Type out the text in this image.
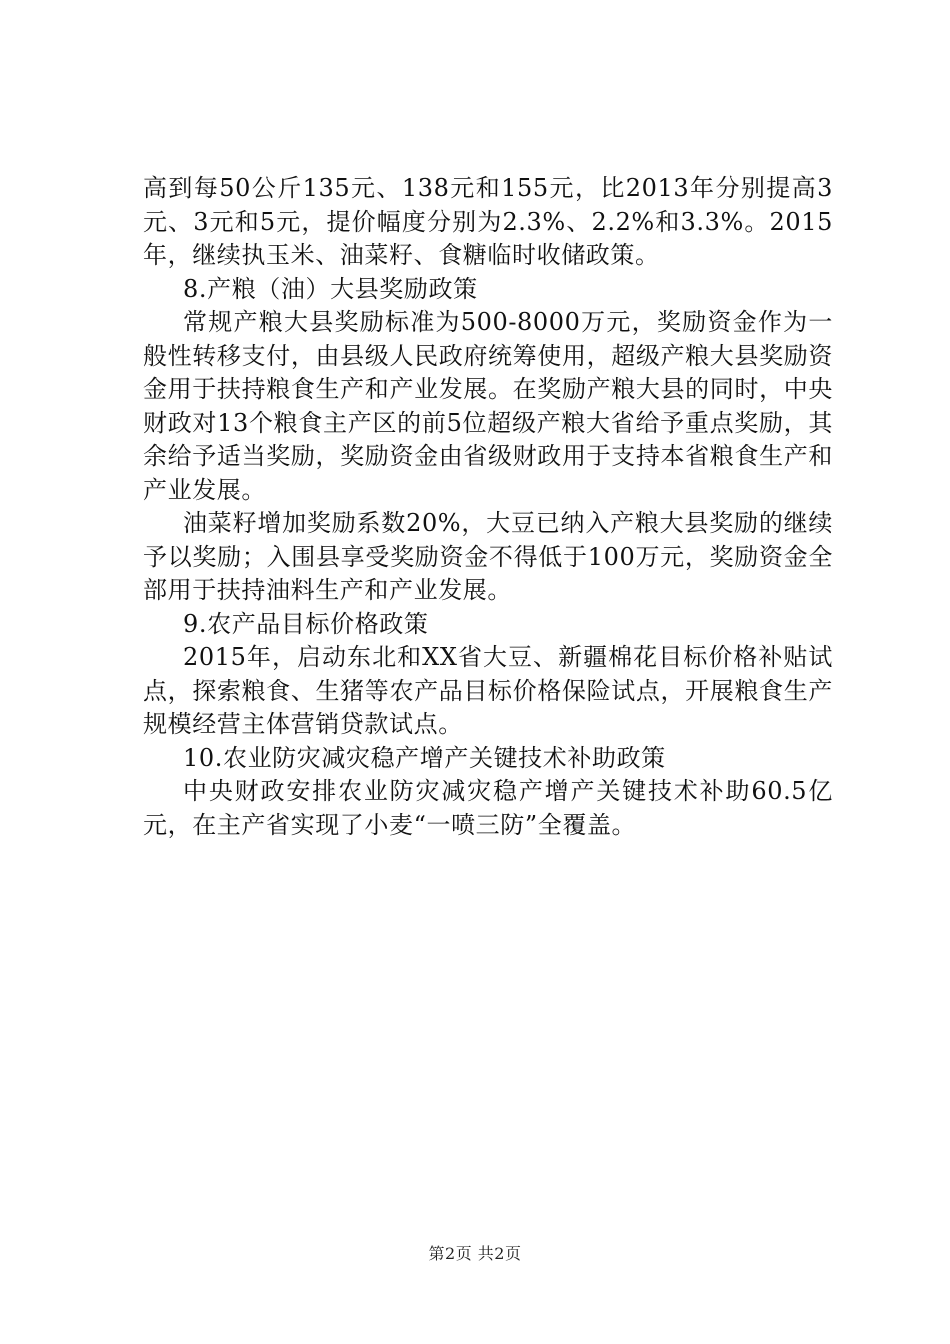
高到每50公斤135元、138元和155元，比2013年分别提高3元、3元和5元，提价幅度分别为2.3%、2.2%和3.3%。2015年，继续执玉米、油菜籽、食糖临时收储政策。

8.产粮（油）大县奖励政策

常规产粮大县奖励标准为500-8000万元，奖励资金作为一般性转移支付，由县级人民政府统筹使用，超级产粮大县奖励资金用于扶持粮食生产和产业发展。在奖励产粮大县的同时，中央财政对13个粮食主产区的前5位超级产粮大省给予重点奖励，其余给予适当奖励，奖励资金由省级财政用于支持本省粮食生产和产业发展。

油菜籽增加奖励系数20%，大豆已纳入产粮大县奖励的继续予以奖励；入围县享受奖励资金不得低于100万元，奖励资金全部用于扶持油料生产和产业发展。

9.农产品目标价格政策

2015年，启动东北和XX省大豆、新疆棉花目标价格补贴试点，探索粮食、生猪等农产品目标价格保险试点，开展粮食生产规模经营主体营销贷款试点。

10.农业防灾减灾稳产增产关键技术补助政策

中央财政安排农业防灾减灾稳产增产关键技术补助60.5亿元，在主产省实现了小麦“一喷三防”全覆盖。

第2页 共2页
